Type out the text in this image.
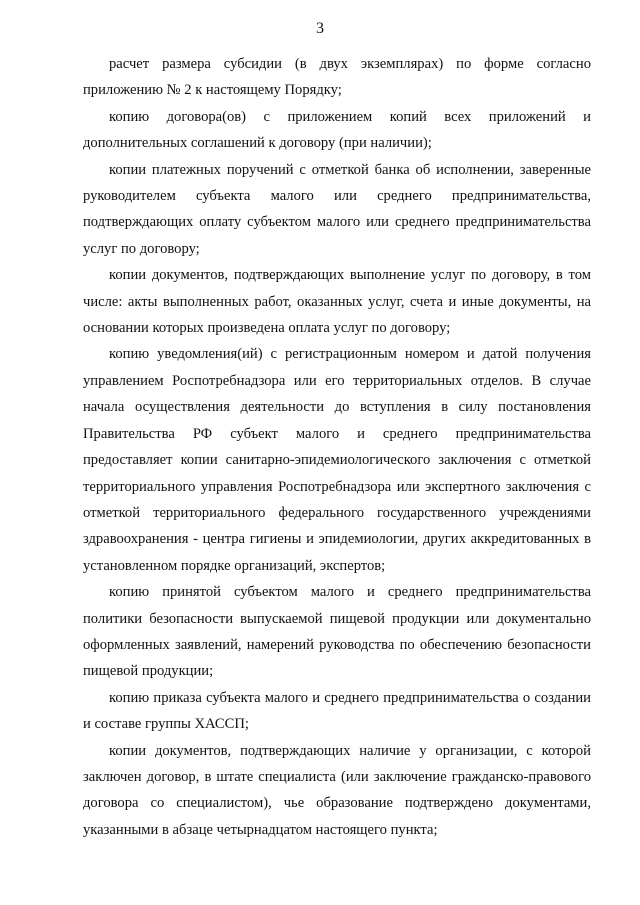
3

расчет размера субсидии (в двух экземплярах) по форме согласно приложению № 2 к настоящему Порядку;

копию договора(ов) с приложением копий всех приложений и дополнительных соглашений к договору (при наличии);

копии платежных поручений с отметкой банка об исполнении, заверенные руководителем субъекта малого или среднего предпринимательства, подтверждающих оплату субъектом малого или среднего предпринимательства услуг по договору;

копии документов, подтверждающих выполнение услуг по договору, в том числе: акты выполненных работ, оказанных услуг, счета и иные документы, на основании которых произведена оплата услуг по договору;

копию уведомления(ий) с регистрационным номером и датой получения управлением Роспотребнадзора или его территориальных отделов. В случае начала осуществления деятельности до вступления в силу постановления Правительства РФ субъект малого и среднего предпринимательства предоставляет копии санитарно-эпидемиологического заключения с отметкой территориального управления Роспотребнадзора или экспертного заключения с отметкой территориального федерального государственного учреждениями здравоохранения - центра гигиены и эпидемиологии, других аккредитованных в установленном порядке организаций, экспертов;

копию принятой субъектом малого и среднего предпринимательства политики безопасности выпускаемой пищевой продукции или документально оформленных заявлений, намерений руководства по обеспечению безопасности пищевой продукции;

копию приказа субъекта малого и среднего предпринимательства о создании и составе группы ХАССП;

копии документов, подтверждающих наличие у организации, с которой заключен договор, в штате специалиста (или заключение гражданско-правового договора со специалистом), чье образование подтверждено документами, указанными в абзаце четырнадцатом настоящего пункта;
